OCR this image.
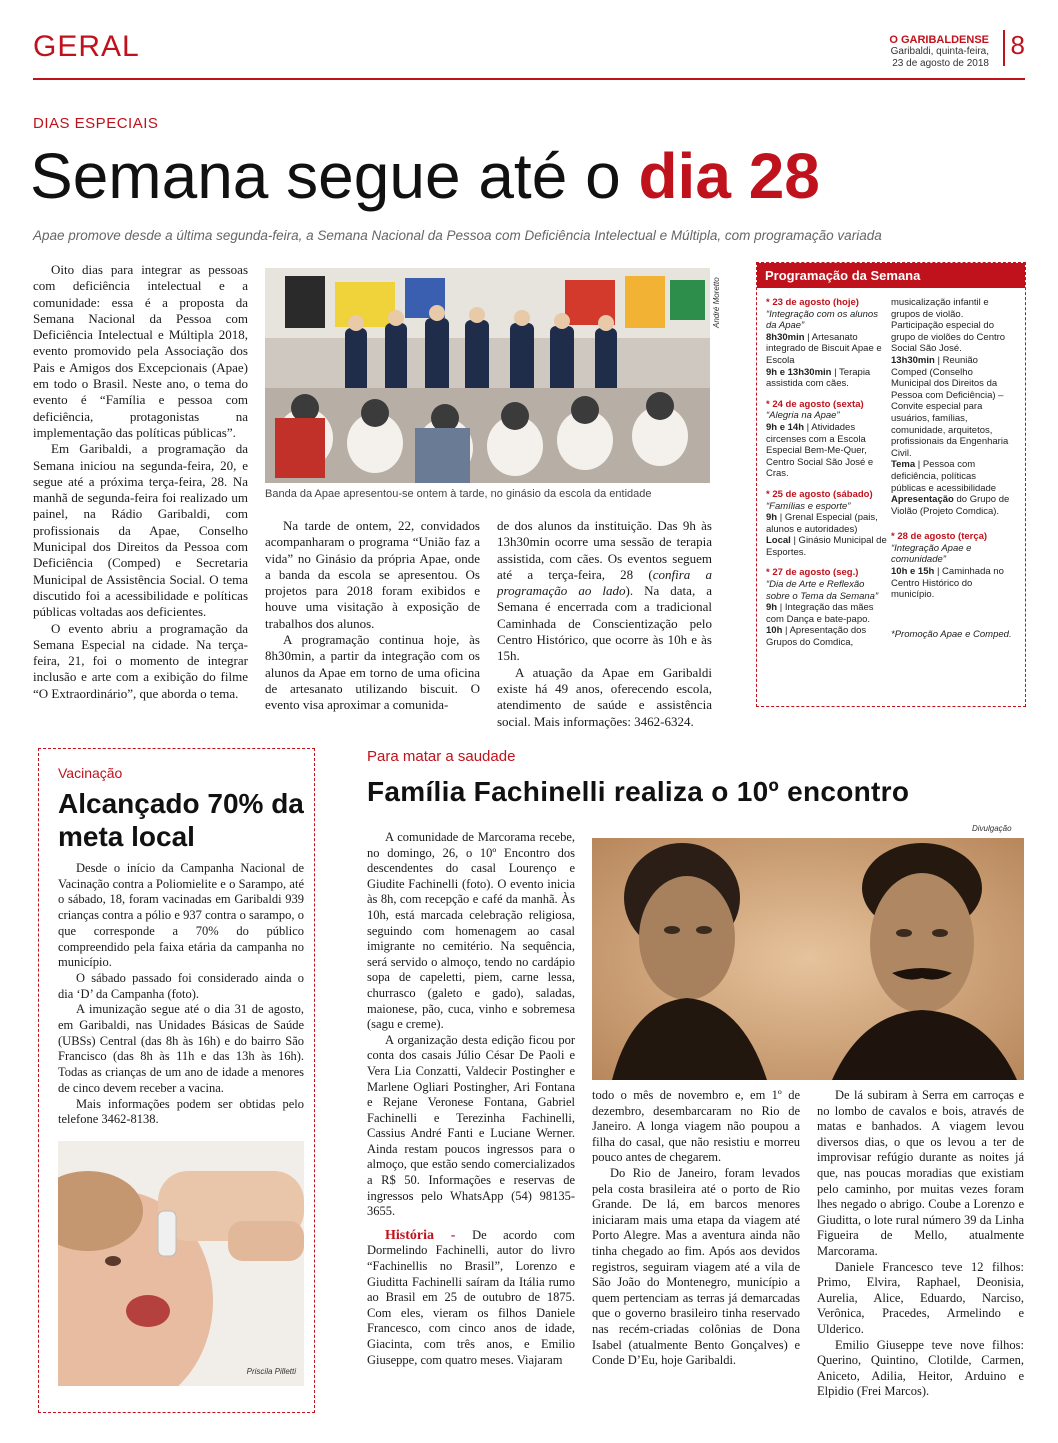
GERAL	O GARIBALDENSE
Garibaldi, quinta-feira,
23 de agosto de 2018
8
DIAS ESPECIAIS
Semana segue até o dia 28
Apae promove desde a última segunda-feira, a Semana Nacional da Pessoa com Deficiência Intelectual e Múltipla, com programação variada

Oito dias para integrar as pessoas com deficiência intelectual e a comunidade: essa é a proposta da Semana Nacional da Pessoa com Deficiência Intelectual e Múltipla 2018, evento promovido pela Associação dos Pais e Amigos dos Excepcionais (Apae) em todo o Brasil. Neste ano, o tema do evento é “Família e pessoa com deficiência, protagonistas na implementação das políticas públicas”.

Em Garibaldi, a programação da Semana iniciou na segunda-feira, 20, e segue até a próxima terça-feira, 28. Na manhã de segunda-feira foi realizado um painel, na Rádio Garibaldi, com profissionais da Apae, Conselho Municipal dos Direitos da Pessoa com Deficiência (Comped) e Secretaria Municipal de Assistência Social. O tema discutido foi a acessibilidade e políticas públicas voltadas aos deficientes.

O evento abriu a programação da Semana Especial na cidade. Na terça-feira, 21, foi o momento de integrar inclusão e arte com a exibição do filme “O Extraordinário”, que aborda o tema.

André Moretto
Banda da Apae apresentou-se ontem à tarde, no ginásio da escola da entidade

Na tarde de ontem, 22, convidados acompanharam o programa “União faz a vida” no Ginásio da própria Apae, onde a banda da escola se apresentou. Os projetos para 2018 foram exibidos e houve uma visitação à exposição de trabalhos dos alunos.

A programação continua hoje, às 8h30min, a partir da integração com os alunos da Apae em torno de uma oficina de artesanato utilizando biscuit. O evento visa aproximar a comunida-

de dos alunos da instituição. Das 9h às 13h30min ocorre uma sessão de terapia assistida, com cães. Os eventos seguem até a terça-feira, 28 (confira a programação ao lado). Na data, a Semana é encerrada com a tradicional Caminhada de Conscientização pelo Centro Histórico, que ocorre às 10h e às 15h.

A atuação da Apae em Garibaldi existe há 49 anos, oferecendo escola, atendimento de saúde e assistência social. Mais informações: 3462-6324.

Programação da Semana
* 23 de agosto (hoje)
“Integração com os alunos da Apae”
8h30min | Artesanato integrado de Biscuit Apae e Escola
9h e 13h30min | Terapia assistida com cães.
* 24 de agosto (sexta)
“Alegria na Apae”
9h e 14h | Atividades circenses com a Escola Especial Bem-Me-Quer, Centro Social São José e Cras.
* 25 de agosto (sábado)
“Famílias e esporte”
9h | Grenal Especial (pais, alunos e autoridades)
Local | Ginásio Municipal de Esportes.
* 27 de agosto (seg.)
“Dia de Arte e Reflexão sobre o Tema da Semana”
9h | Integração das mães com Dança e bate-papo.
10h | Apresentação dos Grupos do Comdica,
musicalização infantil e grupos de violão. Participação especial do grupo de violões do Centro Social São José.
13h30min | Reunião Comped (Conselho Municipal dos Direitos da Pessoa com Deficiência) – Convite especial para usuários, famílias, comunidade, arquitetos, profissionais da Engenharia Civil.
Tema | Pessoa com deficiência, políticas públicas e acessibilidade
Apresentação do Grupo de Violão (Projeto Comdica).
* 28 de agosto (terça)
“Integração Apae e comunidade”
10h e 15h | Caminhada no Centro Histórico do município.
*Promoção Apae e Comped.
Vacinação
Alcançado 70% da meta local

Desde o início da Campanha Nacional de Vacinação contra a Poliomielite e o Sarampo, até o sábado, 18, foram vacinadas em Garibaldi 939 crianças contra a pólio e 937 contra o sarampo, o que corresponde a 70% do público compreendido pela faixa etária da campanha no município.

O sábado passado foi considerado ainda o dia ‘D’ da Campanha (foto).

A imunização segue até o dia 31 de agosto, em Garibaldi, nas Unidades Básicas de Saúde (UBSs) Central (das 8h às 16h) e do bairro São Francisco (das 8h às 11h e das 13h às 16h). Todas as crianças de um ano de idade a menores de cinco devem receber a vacina.

Mais informações podem ser obtidas pelo telefone 3462-8138.

Priscila Pilletti
Para matar a saudade
Família Fachinelli realiza o 10º encontro

A comunidade de Marcorama recebe, no domingo, 26, o 10º Encontro dos descendentes do casal Lourenço e Giudite Fachinelli (foto). O evento inicia às 8h, com recepção e café da manhã. Às 10h, está marcada celebração religiosa, seguindo com homenagem ao casal imigrante no cemitério. Na sequência, será servido o almoço, tendo no cardápio sopa de capeletti, piem, carne lessa, churrasco (galeto e gado), saladas, maionese, pão, cuca, vinho e sobremesa (sagu e creme).

A organização desta edição ficou por conta dos casais Júlio César De Paoli e Vera Lia Conzatti, Valdecir Postingher e Marlene Ogliari Postingher, Ari Fontana e Rejane Veronese Fontana, Gabriel Fachinelli e Terezinha Fachinelli, Cassius André Fanti e Luciane Werner. Ainda restam poucos ingressos para o almoço, que estão sendo comercializados a R$ 50. Informações e reservas de ingressos pelo WhatsApp (54) 98135-3655.

História - De acordo com Dormelindo Fachinelli, autor do livro “Fachinellis no Brasil”, Lorenzo e Giuditta Fachinelli saíram da Itália rumo ao Brasil em 25 de outubro de 1875. Com eles, vieram os filhos Daniele Francesco, com cinco anos de idade, Giacinta, com três anos, e Emilio Giuseppe, com quatro meses. Viajaram

Divulgação

todo o mês de novembro e, em 1º de dezembro, desembarcaram no Rio de Janeiro. A longa viagem não poupou a filha do casal, que não resistiu e morreu pouco antes de chegarem.

Do Rio de Janeiro, foram levados pela costa brasileira até o porto de Rio Grande. De lá, em barcos menores iniciaram mais uma etapa da viagem até Porto Alegre. Mas a aventura ainda não tinha chegado ao fim. Após aos devidos registros, seguiram viagem até a vila de São João do Montenegro, município a quem pertenciam as terras já demarcadas que o governo brasileiro tinha reservado nas recém-criadas colônias de Dona Isabel (atualmente Bento Gonçalves) e Conde D’Eu, hoje Garibaldi.

De lá subiram à Serra em carroças e no lombo de cavalos e bois, através de matas e banhados. A viagem levou diversos dias, o que os levou a ter de improvisar refúgio durante as noites já que, nas poucas moradias que existiam pelo caminho, por muitas vezes foram lhes negado o abrigo. Coube a Lorenzo e Giuditta, o lote rural número 39 da Linha Figueira de Mello, atualmente Marcorama.

Daniele Francesco teve 12 filhos: Primo, Elvira, Raphael, Deonisia, Aurelia, Alice, Eduardo, Narciso, Verônica, Pracedes, Armelindo e Ulderico.

Emilio Giuseppe teve nove filhos: Querino, Quintino, Clotilde, Carmen, Aniceto, Adilia, Heitor, Arduino e Elpidio (Frei Marcos).
